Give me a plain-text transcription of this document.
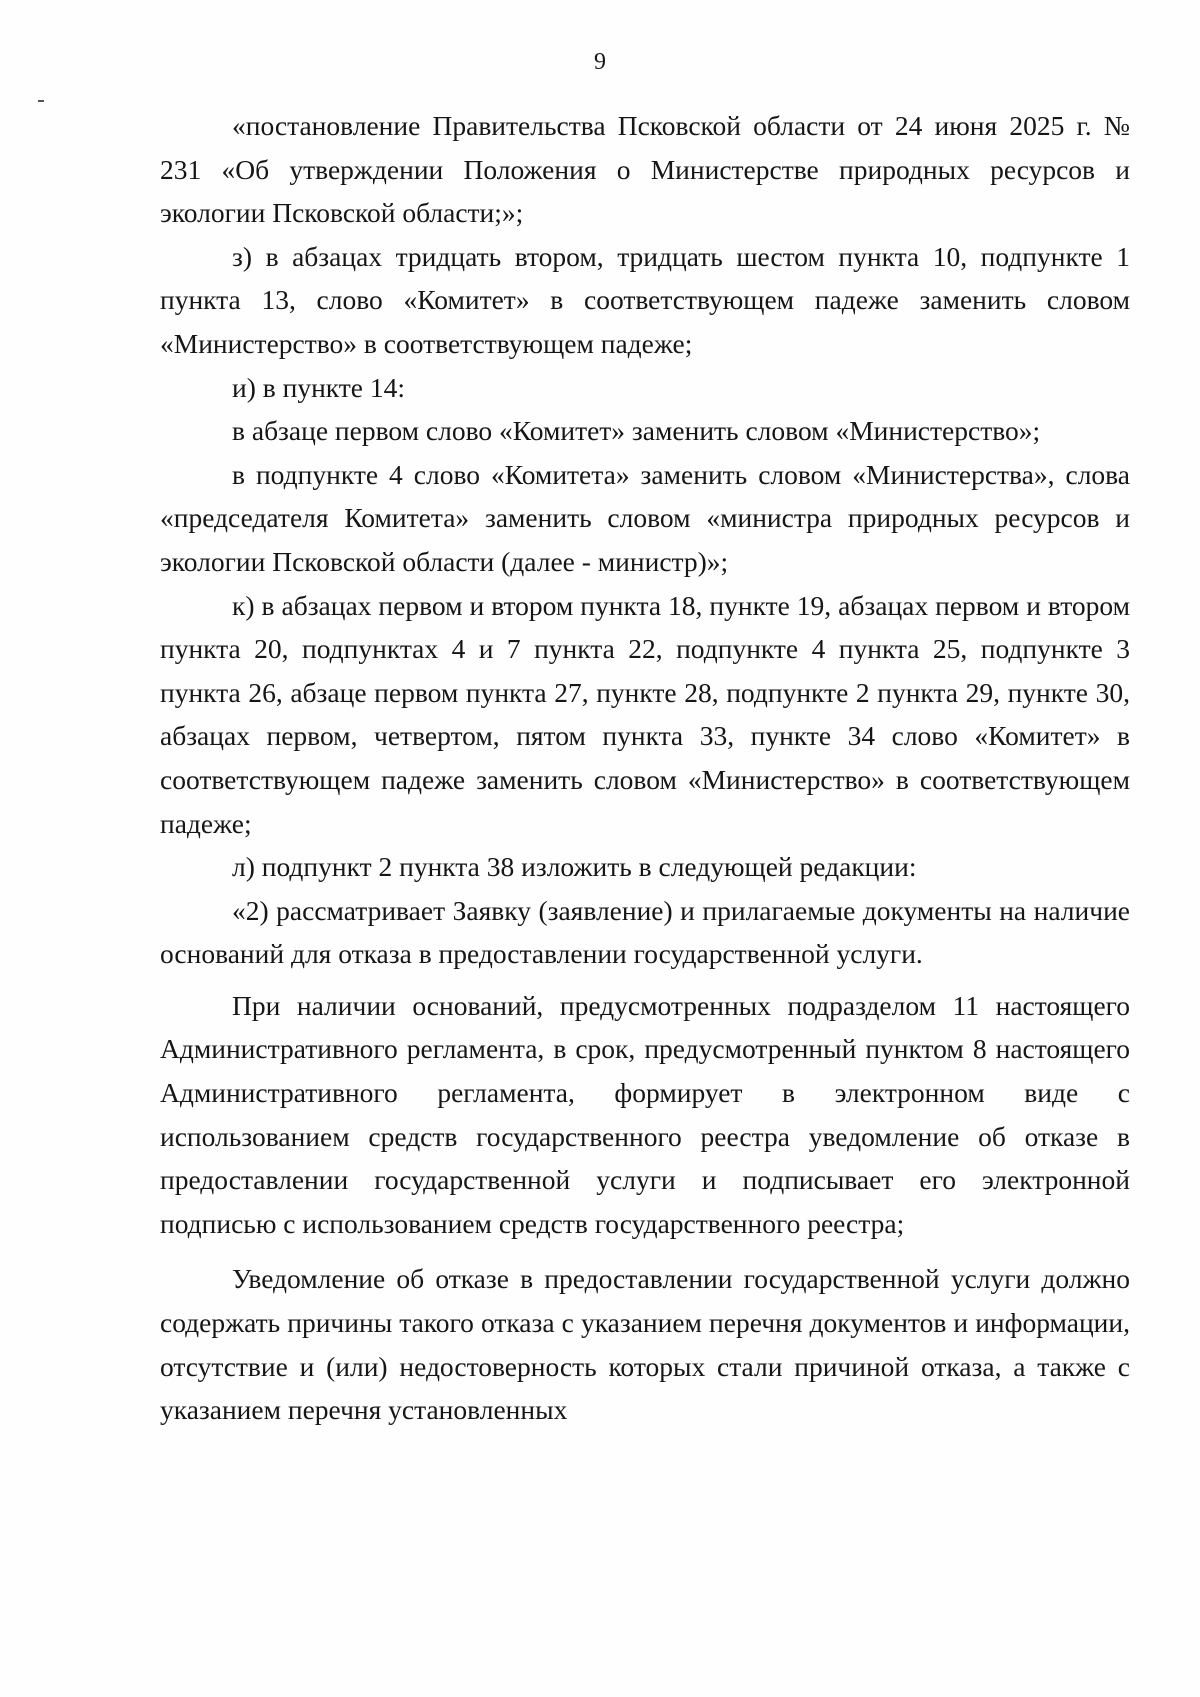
9

«постановление Правительства Псковской области от 24 июня 2025 г. № 231 «Об утверждении Положения о Министерстве природных ресурсов и экологии Псковской области;»;

з) в абзацах тридцать втором, тридцать шестом пункта 10, подпункте 1 пункта 13, слово «Комитет» в соответствующем падеже заменить словом «Министерство» в соответствующем падеже;

и) в пункте 14:

в абзаце первом слово «Комитет» заменить словом «Министерство»;

в подпункте 4 слово «Комитета» заменить словом «Министерства», слова «председателя Комитета» заменить словом «министра природных ресурсов и экологии Псковской области (далее - министр)»;

к) в абзацах первом и втором пункта 18, пункте 19, абзацах первом и втором пункта 20, подпунктах 4 и 7 пункта 22, подпункте 4 пункта 25, подпункте 3 пункта 26, абзаце первом пункта 27, пункте 28, подпункте 2 пункта 29, пункте 30, абзацах первом, четвертом, пятом пункта 33, пункте 34 слово «Комитет» в соответствующем падеже заменить словом «Министерство» в соответствующем падеже;

л) подпункт 2 пункта 38 изложить в следующей редакции:

«2) рассматривает Заявку (заявление) и прилагаемые документы на наличие оснований для отказа в предоставлении государственной услуги.

При наличии оснований, предусмотренных подразделом 11 настоящего Административного регламента, в срок, предусмотренный пунктом 8 настоящего Административного регламента, формирует в электронном виде с использованием средств государственного реестра уведомление об отказе в предоставлении государственной услуги и подписывает его электронной подписью с использованием средств государственного реестра;

Уведомление об отказе в предоставлении государственной услуги должно содержать причины такого отказа с указанием перечня документов и информации, отсутствие и (или) недостоверность которых стали причиной отказа, а также с указанием перечня установленных
